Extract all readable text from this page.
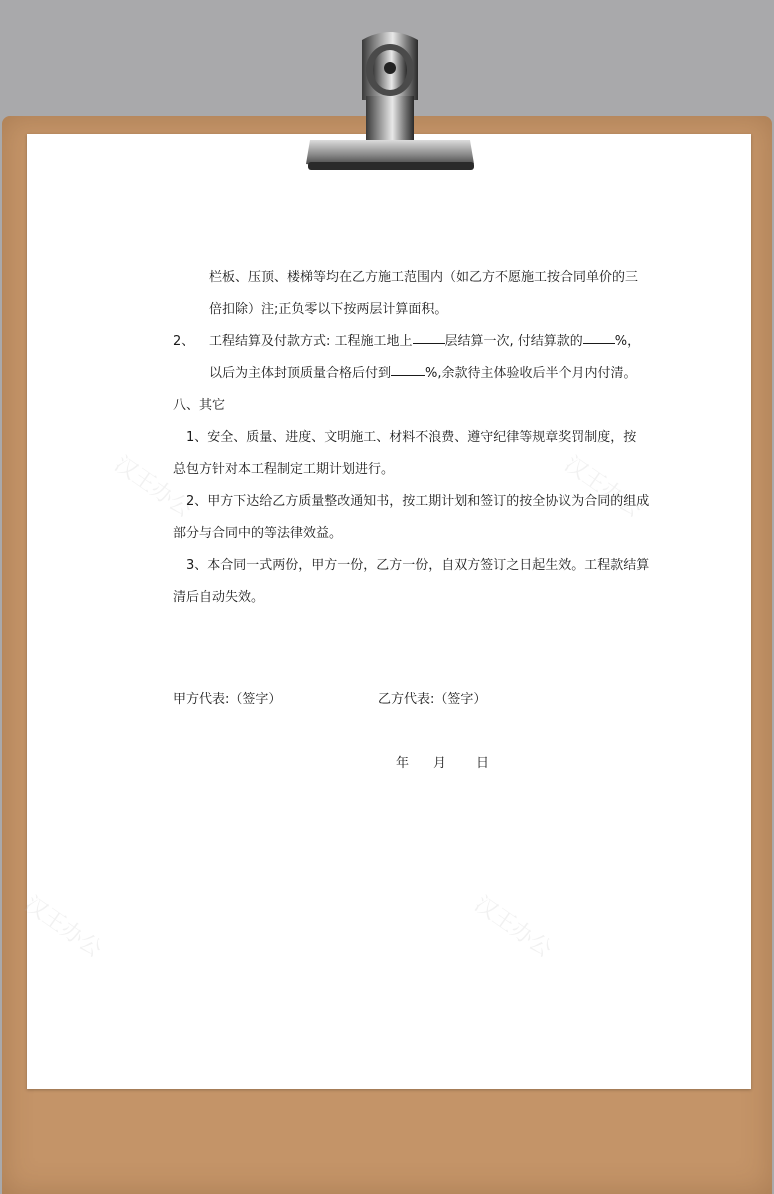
汉王办公	汉王办公
汉王办公	汉王办公
栏板、压顶、楼梯等均在乙方施工范围内（如乙方不愿施工按合同单价的三
倍扣除）注;正负零以下按两层计算面积。
2、 工程结算及付款方式: 工程施工地上 层结算一次, 付结算款的 %，
以后为主体封顶质量合格后付到	%,余款待主体验收后半个月内付清。
八、其它
1、安全、质量、进度、文明施工、材料不浪费、遵守纪律等规章奖罚制度，按
总包方针对本工程制定工期计划进行。
2、甲方下达给乙方质量整改通知书，按工期计划和签订的按全协议为合同的组成
部分与合同中的等法律效益。
3、本合同一式两份，甲方一份，乙方一份，自双方签订之日起生效。工程款结算
清后自动失效。
甲方代表:（签字）	乙方代表:（签字）
年 月 日
